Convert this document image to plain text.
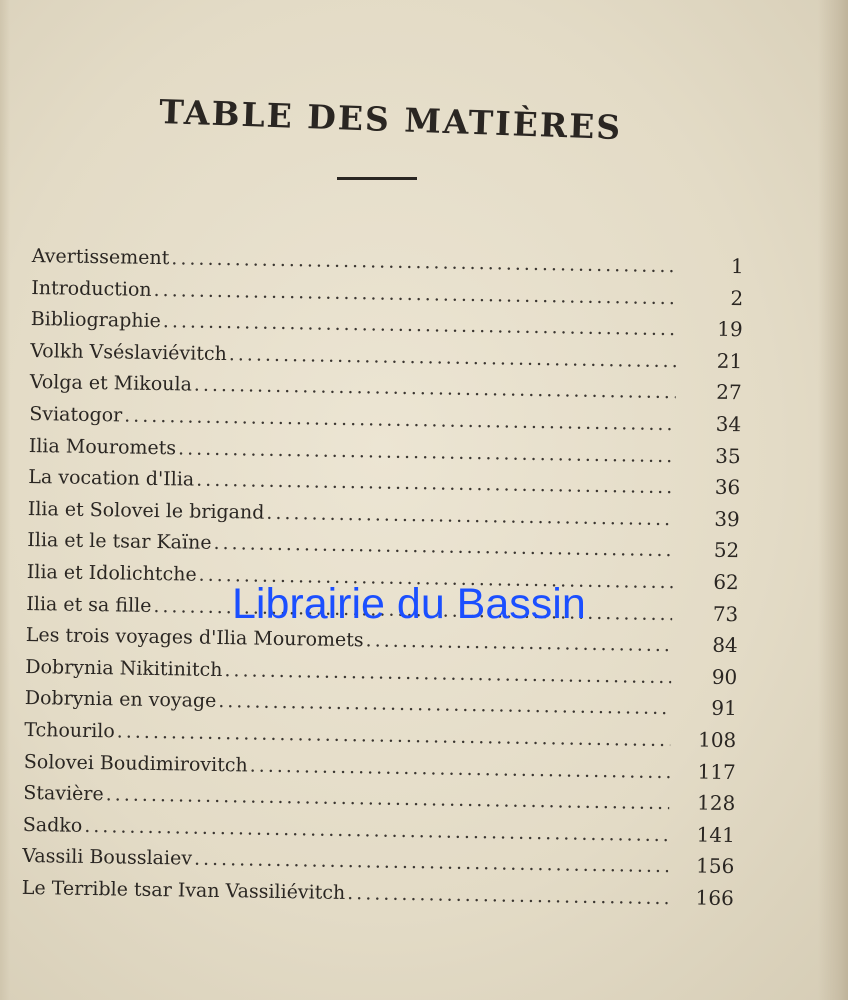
TABLE DES MATIÈRES
Avertissement .....	1
Introduction .....	2
Bibliographie .....	19
Volkh Vséslaviévitch .....	21
Volga et Mikoula .....	27
Sviatogor .....	34
Ilia Mouromets .....	35
La vocation d'Ilia .....	36
Ilia et Solovei le brigand .....	39
Ilia et le tsar Kaïne .....	52
Ilia et Idolichtche .....	62
Ilia et sa fille .....	73
Les trois voyages d'Ilia Mouromets .....	84
Dobrynia Nikitinitch .....	90
Dobrynia en voyage .....	91
Tchourilo .....	108
Solovei Boudimirovitch .....	117
Stavière .....	128
Sadko .....	141
Vassili Bousslaiev .....	156
Le Terrible tsar Ivan Vassiliévitch .....	166
Librairie du Bassin
